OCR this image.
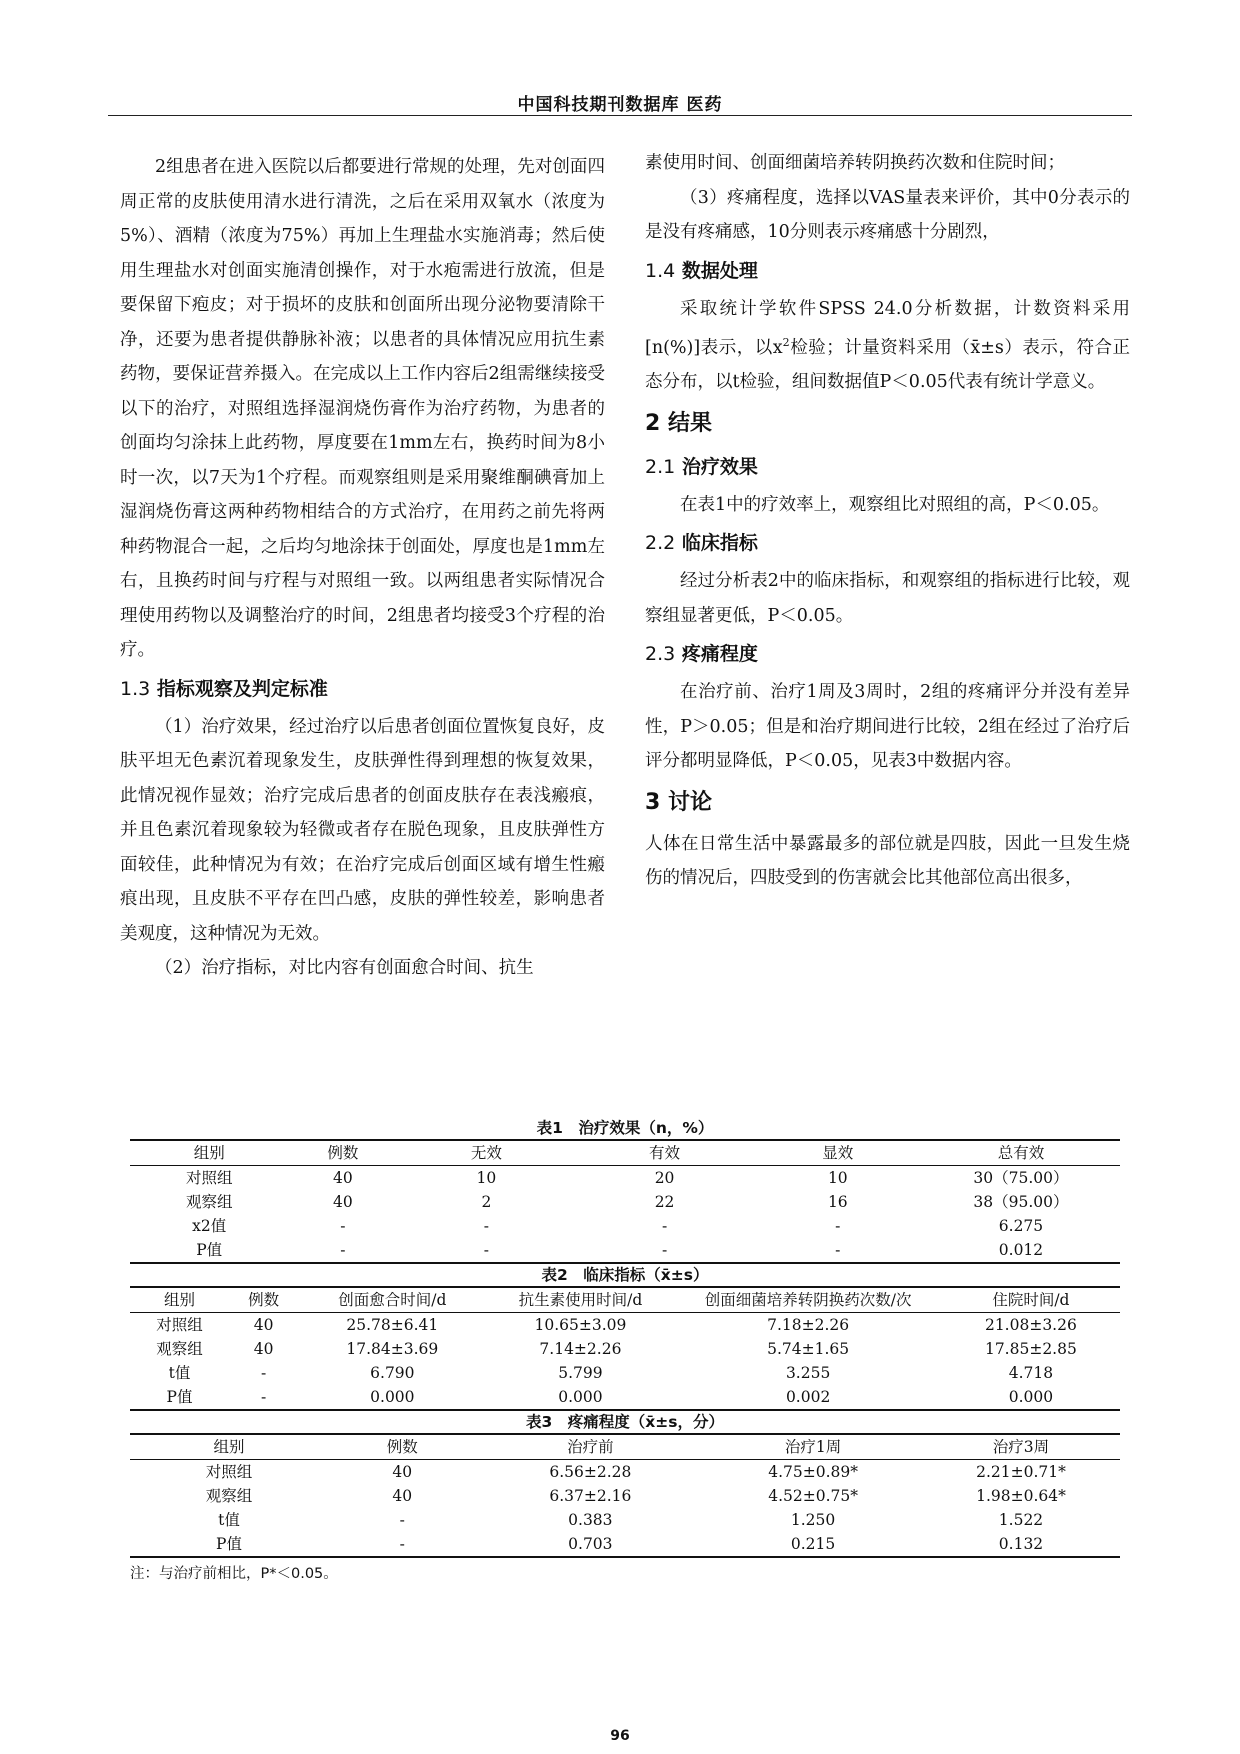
中国科技期刊数据库 医药

2组患者在进入医院以后都要进行常规的处理，先对创面四周正常的皮肤使用清水进行清洗，之后在采用双氧水（浓度为5%）、酒精（浓度为75%）再加上生理盐水实施消毒；然后使用生理盐水对创面实施清创操作，对于水疱需进行放流，但是要保留下疱皮；对于损坏的皮肤和创面所出现分泌物要清除干净，还要为患者提供静脉补液；以患者的具体情况应用抗生素药物，要保证营养摄入。在完成以上工作内容后2组需继续接受以下的治疗，对照组选择湿润烧伤膏作为治疗药物，为患者的创面均匀涂抹上此药物，厚度要在1mm左右，换药时间为8小时一次，以7天为1个疗程。而观察组则是采用聚维酮碘膏加上湿润烧伤膏这两种药物相结合的方式治疗，在用药之前先将两种药物混合一起，之后均匀地涂抹于创面处，厚度也是1mm左右，且换药时间与疗程与对照组一致。以两组患者实际情况合理使用药物以及调整治疗的时间，2组患者均接受3个疗程的治疗。

1.3 指标观察及判定标准

（1）治疗效果，经过治疗以后患者创面位置恢复良好，皮肤平坦无色素沉着现象发生，皮肤弹性得到理想的恢复效果，此情况视作显效；治疗完成后患者的创面皮肤存在表浅瘢痕，并且色素沉着现象较为轻微或者存在脱色现象，且皮肤弹性方面较佳，此种情况为有效；在治疗完成后创面区域有增生性瘢痕出现，且皮肤不平存在凹凸感，皮肤的弹性较差，影响患者美观度，这种情况为无效。

（2）治疗指标，对比内容有创面愈合时间、抗生

素使用时间、创面细菌培养转阴换药次数和住院时间；

（3）疼痛程度，选择以VAS量表来评价，其中0分表示的是没有疼痛感，10分则表示疼痛感十分剧烈，

1.4 数据处理

采取统计学软件SPSS 24.0分析数据，计数资料采用[n(%)]表示，以$x^2$检验；计量资料采用（x̄±s）表示，符合正态分布，以t检验，组间数据值P＜0.05代表有统计学意义。

2 结果
2.1 治疗效果

在表1中的疗效率上，观察组比对照组的高，P＜0.05。

2.2 临床指标

经过分析表2中的临床指标，和观察组的指标进行比较，观察组显著更低，P＜0.05。

2.3 疼痛程度

在治疗前、治疗1周及3周时，2组的疼痛评分并没有差异性，P＞0.05；但是和治疗期间进行比较，2组在经过了治疗后评分都明显降低，P＜0.05，见表3中数据内容。

3 讨论

人体在日常生活中暴露最多的部位就是四肢，因此一旦发生烧伤的情况后，四肢受到的伤害就会比其他部位高出很多，

表1　治疗效果（n，%）
组别	例数	无效	有效	显效	总有效
对照组	40	10	20	10	30（75.00）
观察组	40	2	22	16	38（95.00）
x2值	-	-	-	-	6.275
P值	-	-	-	-	0.012
表2　临床指标（x̄±s）
组别	例数	创面愈合时间/d	抗生素使用时间/d	创面细菌培养转阴换药次数/次	住院时间/d
对照组	40	25.78±6.41	10.65±3.09	7.18±2.26	21.08±3.26
观察组	40	17.84±3.69	7.14±2.26	5.74±1.65	17.85±2.85
t值	-	6.790	5.799	3.255	4.718
P值	-	0.000	0.000	0.002	0.000
表3　疼痛程度（x̄±s，分）
组别	例数	治疗前	治疗1周	治疗3周
对照组	40	6.56±2.28	4.75±0.89*	2.21±0.71*
观察组	40	6.37±2.16	4.52±0.75*	1.98±0.64*
t值	-	0.383	1.250	1.522
P值	-	0.703	0.215	0.132
注：与治疗前相比，P*＜0.05。
96
